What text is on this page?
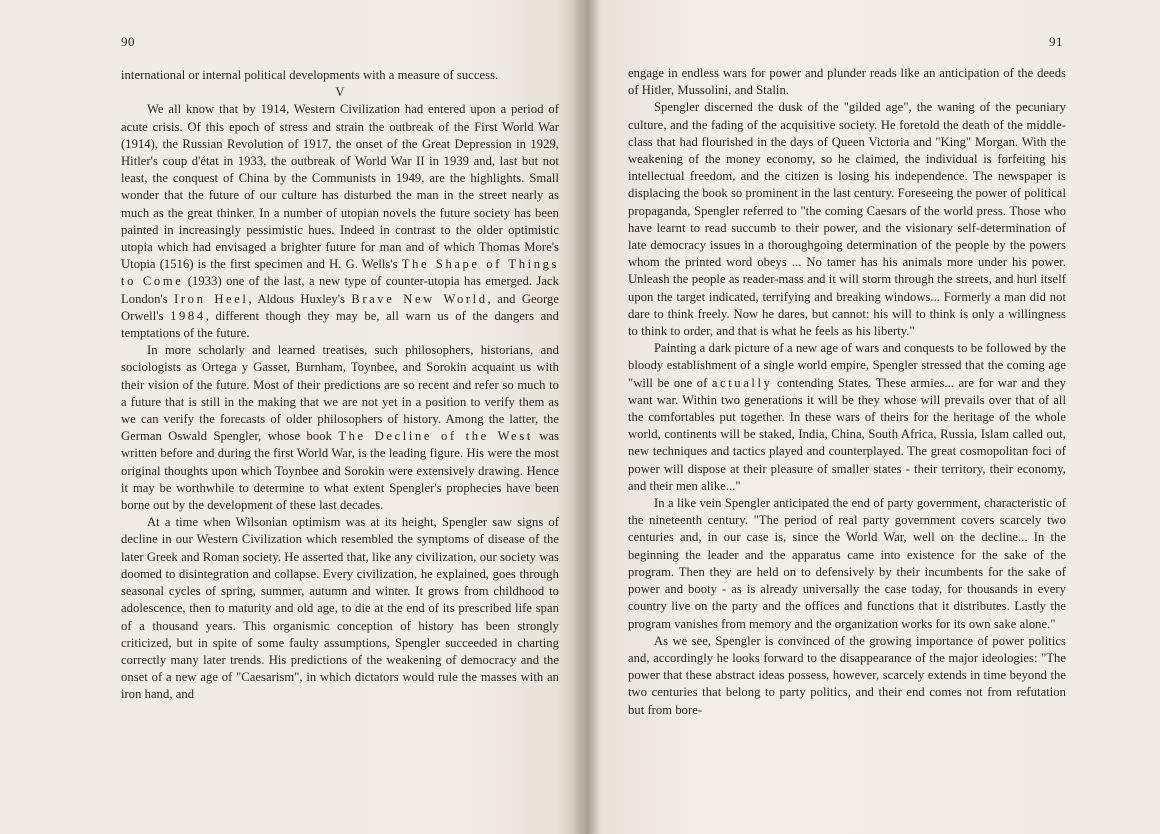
90

international or internal political developments with a measure of success.

V

We all know that by 1914, Western Civilization had entered upon a period of acute crisis. Of this epoch of stress and strain the outbreak of the First World War (1914), the Russian Revolution of 1917, the onset of the Great Depression in 1929, Hitler's coup d'état in 1933, the outbreak of World War II in 1939 and, last but not least, the conquest of China by the Communists in 1949, are the highlights. Small wonder that the future of our culture has disturbed the man in the street nearly as much as the great thinker. In a number of utopian novels the future society has been painted in increasingly pessimistic hues. Indeed in contrast to the older optimistic utopia which had envisaged a brighter future for man and of which Thomas More's Utopia (1516) is the first specimen and H. G. Wells's The Shape of Things to Come (1933) one of the last, a new type of counter-utopia has emerged. Jack London's Iron Heel, Aldous Huxley's Brave New World, and George Orwell's 1984, different though they may be, all warn us of the dangers and temptations of the future.

In more scholarly and learned treatises, such philosophers, historians, and sociologists as Ortega y Gasset, Burnham, Toynbee, and Sorokin acquaint us with their vision of the future. Most of their predictions are so recent and refer so much to a future that is still in the making that we are not yet in a position to verify them as we can verify the forecasts of older philosophers of history. Among the latter, the German Oswald Spengler, whose book The Decline of the West was written before and during the first World War, is the leading figure. His were the most original thoughts upon which Toynbee and Sorokin were extensively drawing. Hence it may be worthwhile to determine to what extent Spengler's prophecies have been borne out by the development of these last decades.

At a time when Wilsonian optimism was at its height, Spengler saw signs of decline in our Western Civilization which resembled the symptoms of disease of the later Greek and Roman society. He asserted that, like any civilization, our society was doomed to disintegration and collapse. Every civilization, he explained, goes through seasonal cycles of spring, summer, autumn and winter. It grows from childhood to adolescence, then to maturity and old age, to die at the end of its prescribed life span of a thousand years. This organismic conception of history has been strongly criticized, but in spite of some faulty assumptions, Spengler succeeded in charting correctly many later trends. His predictions of the weakening of democracy and the onset of a new age of "Caesarism", in which dictators would rule the masses with an iron hand, and

91

engage in endless wars for power and plunder reads like an anticipation of the deeds of Hitler, Mussolini, and Stalin.

Spengler discerned the dusk of the "gilded age", the waning of the pecuniary culture, and the fading of the acquisitive society. He foretold the death of the middle-class that had flourished in the days of Queen Victoria and "King" Morgan. With the weakening of the money economy, so he claimed, the individual is forfeiting his intellectual freedom, and the citizen is losing his independence. The newspaper is displacing the book so prominent in the last century. Foreseeing the power of political propaganda, Spengler referred to "the coming Caesars of the world press. Those who have learnt to read succumb to their power, and the visionary self-determination of late democracy issues in a thoroughgoing determination of the people by the powers whom the printed word obeys ... No tamer has his animals more under his power. Unleash the people as reader-mass and it will storm through the streets, and hurl itself upon the target indicated, terrifying and breaking windows... Formerly a man did not dare to think freely. Now he dares, but cannot: his will to think is only a willingness to think to order, and that is what he feels as his liberty."

Painting a dark picture of a new age of wars and conquests to be followed by the bloody establishment of a single world empire, Spengler stressed that the coming age "will be one of actually contending States. These armies... are for war and they want war. Within two generations it will be they whose will prevails over that of all the comfortables put together. In these wars of theirs for the heritage of the whole world, continents will be staked, India, China, South Africa, Russia, Islam called out, new techniques and tactics played and counterplayed. The great cosmopolitan foci of power will dispose at their pleasure of smaller states - their territory, their economy, and their men alike..."

In a like vein Spengler anticipated the end of party government, characteristic of the nineteenth century. "The period of real party government covers scarcely two centuries and, in our case is, since the World War, well on the decline... In the beginning the leader and the apparatus came into existence for the sake of the program. Then they are held on to defensively by their incumbents for the sake of power and booty - as is already universally the case today, for thousands in every country live on the party and the offices and functions that it distributes. Lastly the program vanishes from memory and the organization works for its own sake alone."

As we see, Spengler is convinced of the growing importance of power politics and, accordingly he looks forward to the disappearance of the major ideologies: "The power that these abstract ideas possess, however, scarcely extends in time beyond the two centuries that belong to party politics, and their end comes not from refutation but from bore-
